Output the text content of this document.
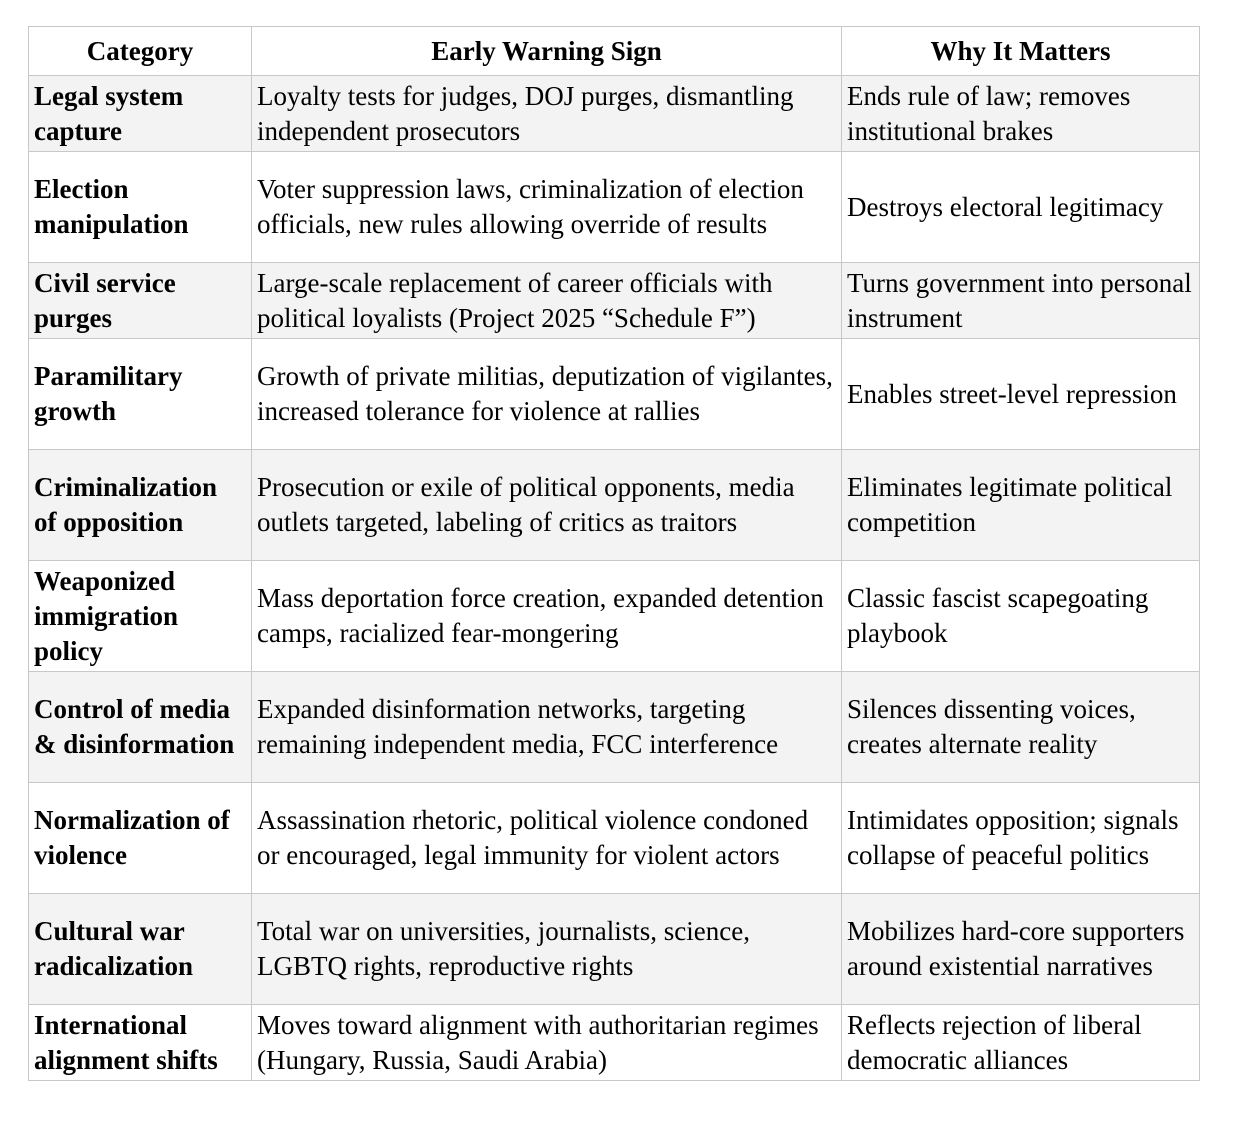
Category	Early Warning Sign	Why It Matters
Legal system capture	Loyalty tests for judges, DOJ purges, dismantling independent prosecutors	Ends rule of law; removes institutional brakes
Election manipulation	Voter suppression laws, criminalization of election officials, new rules allowing override of results	Destroys electoral legitimacy
Civil service purges	Large-scale replacement of career officials with political loyalists (Project 2025 “Schedule F”)	Turns government into personal instrument
Paramilitary growth	Growth of private militias, deputization of vigilantes, increased tolerance for violence at rallies	Enables street-level repression
Criminalization of opposition	Prosecution or exile of political opponents, media outlets targeted, labeling of critics as traitors	Eliminates legitimate political competition
Weaponized immigration policy	Mass deportation force creation, expanded detention camps, racialized fear-mongering	Classic fascist scapegoating playbook
Control of media & disinformation	Expanded disinformation networks, targeting remaining independent media, FCC interference	Silences dissenting voices, creates alternate reality
Normalization of violence	Assassination rhetoric, political violence condoned or encouraged, legal immunity for violent actors	Intimidates opposition; signals collapse of peaceful politics
Cultural war radicalization	Total war on universities, journalists, science, LGBTQ rights, reproductive rights	Mobilizes hard-core supporters around existential narratives
International alignment shifts	Moves toward alignment with authoritarian regimes (Hungary, Russia, Saudi Arabia)	Reflects rejection of liberal democratic alliances
